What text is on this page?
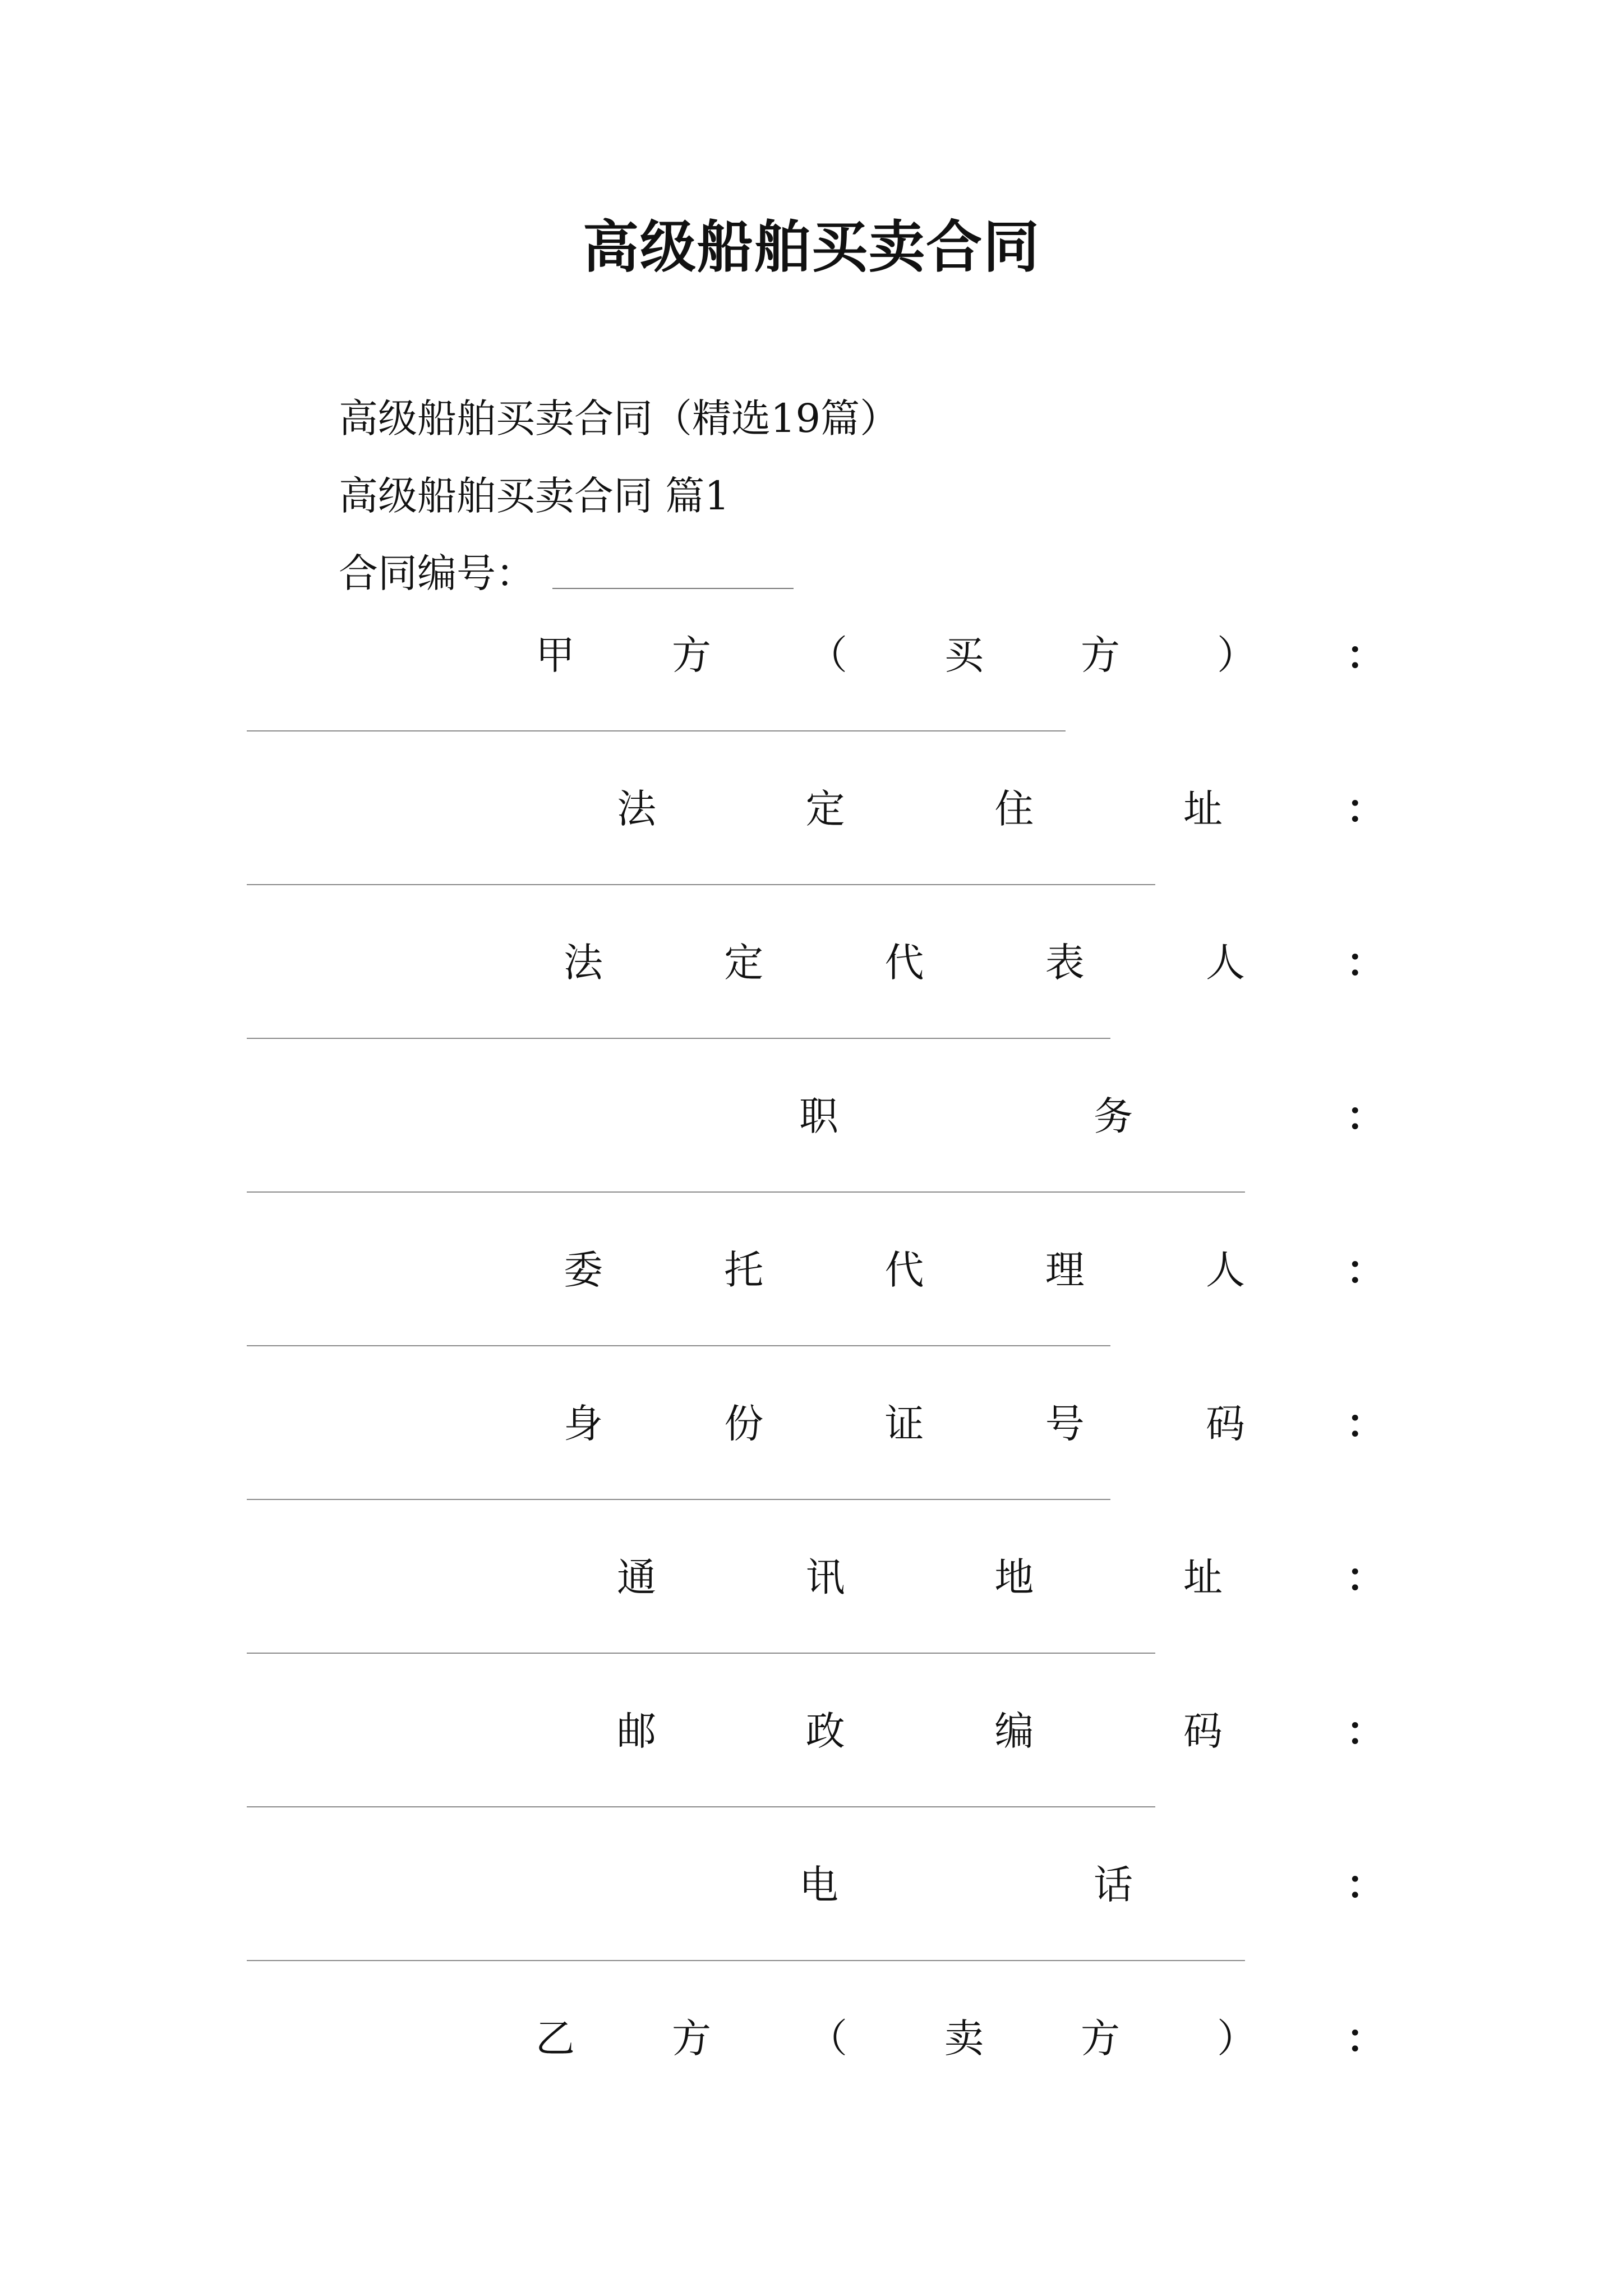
高级船舶买卖合同
高级船舶买卖合同（精选19篇）
高级船舶买卖合同 篇1
合同编号：
甲 方 （ 买 方 ） ：
法	定	住	址	：
法	定	代	表	人	：
职	务	：
委	托	代	理	人	：
身	份	证	号	码	：
通	讯	地	址	：
邮	政	编	码	：
电	话	：
乙 方 （ 卖 方 ） ：
